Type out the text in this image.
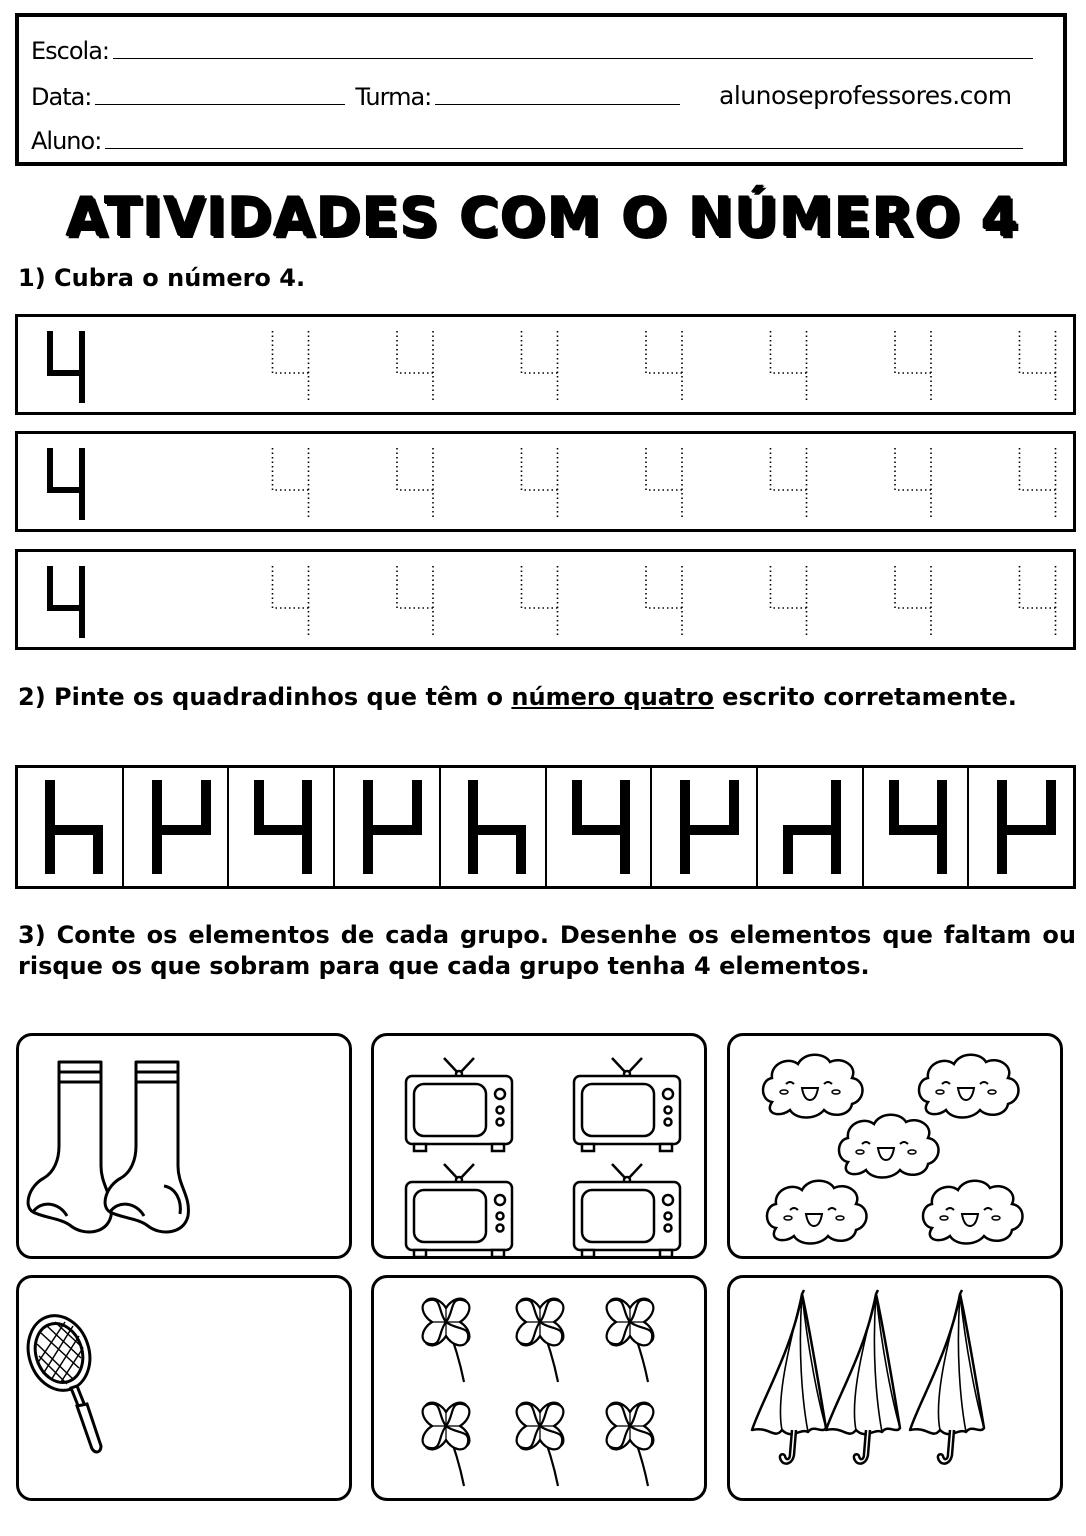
Escola:
Data:	Turma:	alunoseprofessores.com
Aluno:
ATIVIDADES COM O NÚMERO 4
1) Cubra o número 4.
2) Pinte os quadradinhos que têm o número quatro escrito corretamente.
3) Conte os elementos de cada grupo. Desenhe os elementos que faltam ou risque os que sobram para que cada grupo tenha 4 elementos.
